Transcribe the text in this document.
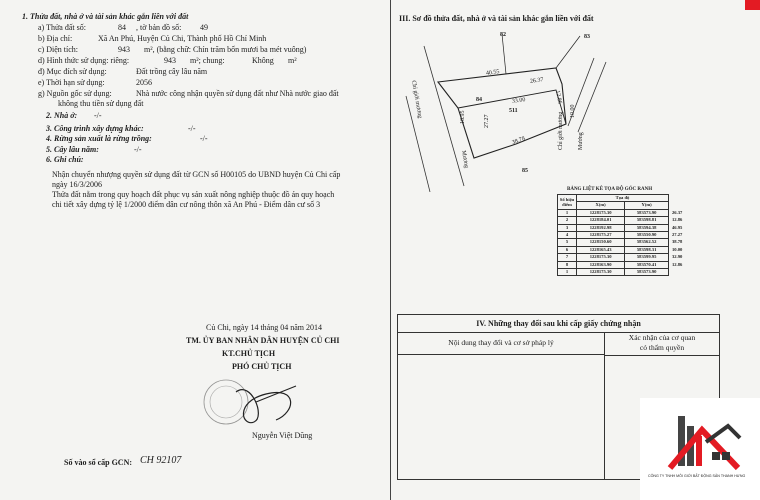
1. Thửa đất, nhà ở và tài sản khác gắn liền với đất
a) Thửa đất số:	84 , tờ bản đồ số: 49
b) Địa chỉ:	Xã An Phú, Huyện Củ Chi, Thành phố Hồ Chí Minh
c) Diện tích:	943 m², (bằng chữ: Chín trăm bốn mươi ba mét vuông)
d) Hình thức sử dụng: riêng:	943 m²; chung:	Không m²
đ) Mục đích sử dụng:	Đất trồng cây lâu năm
e) Thời hạn sử dụng:	2056
g) Nguồn gốc sử dụng:	Nhà nước công nhận quyền sử dụng đất như Nhà nước giao đất
không thu tiền sử dụng đất
2. Nhà ở: -/-
3. Công trình xây dựng khác:	-/-
4. Rừng sản xuất là rừng trồng:	-/-
5. Cây lâu năm:	-/-
6. Ghi chú:
Nhận chuyển nhượng quyền sử dụng đất từ GCN số H00105 do UBND huyện Củ Chi cấp
ngày 16/3/2006
Thửa đất nằm trong quy hoạch đất phục vụ sản xuất nông nghiệp thuộc đồ án quy hoạch
chi tiết xây dựng tỷ lệ 1/2000 điểm dân cư nông thôn xã An Phú - Điểm dân cư số 3
Củ Chi, ngày 14 tháng 04 năm 2014
TM. ỦY BAN NHÂN DÂN HUYỆN CỦ CHI
KT.CHỦ TỊCH
PHÓ CHỦ TỊCH
Nguyễn Việt Dũng
Số vào sổ cấp GCN: CH 92107
III. Sơ đồ thửa đất, nhà ở và tài sản khác gắn liền với đất
82	83
84
85
511
Chỉ giới mương
Mương
Chỉ giới mương Mương
40.55
26.37
12.86
33.00
16.95	27.27
10.00
38.78
BẢNG LIỆT KÊ TỌA ĐỘ GÓC RANH
Số hiệu điểm	Tọa độ		
	X(m)	Y(m)	
1	1228175.30	583573.90	26.37
2	1228184.01	583598.81	12.86
3	1228192.98	583594.38	46.95
4	1228175.27	583550.90	27.27
5	1228150.60	583562.52	38.78
6	1228165.43	583598.31	10.00
7	1228175.30	583599.95	32.90
8	1228163.90	583570.41	12.86
1	1228175.30	583573.90	
IV. Những thay đổi sau khi cấp giấy chứng nhận
Nội dung thay đổi và cơ sở pháp lý
Xác nhận của cơ quan
có thẩm quyền
CÔNG TY TNHH MÔI GIỚI BẤT ĐỘNG SẢN THANH HƯNG
